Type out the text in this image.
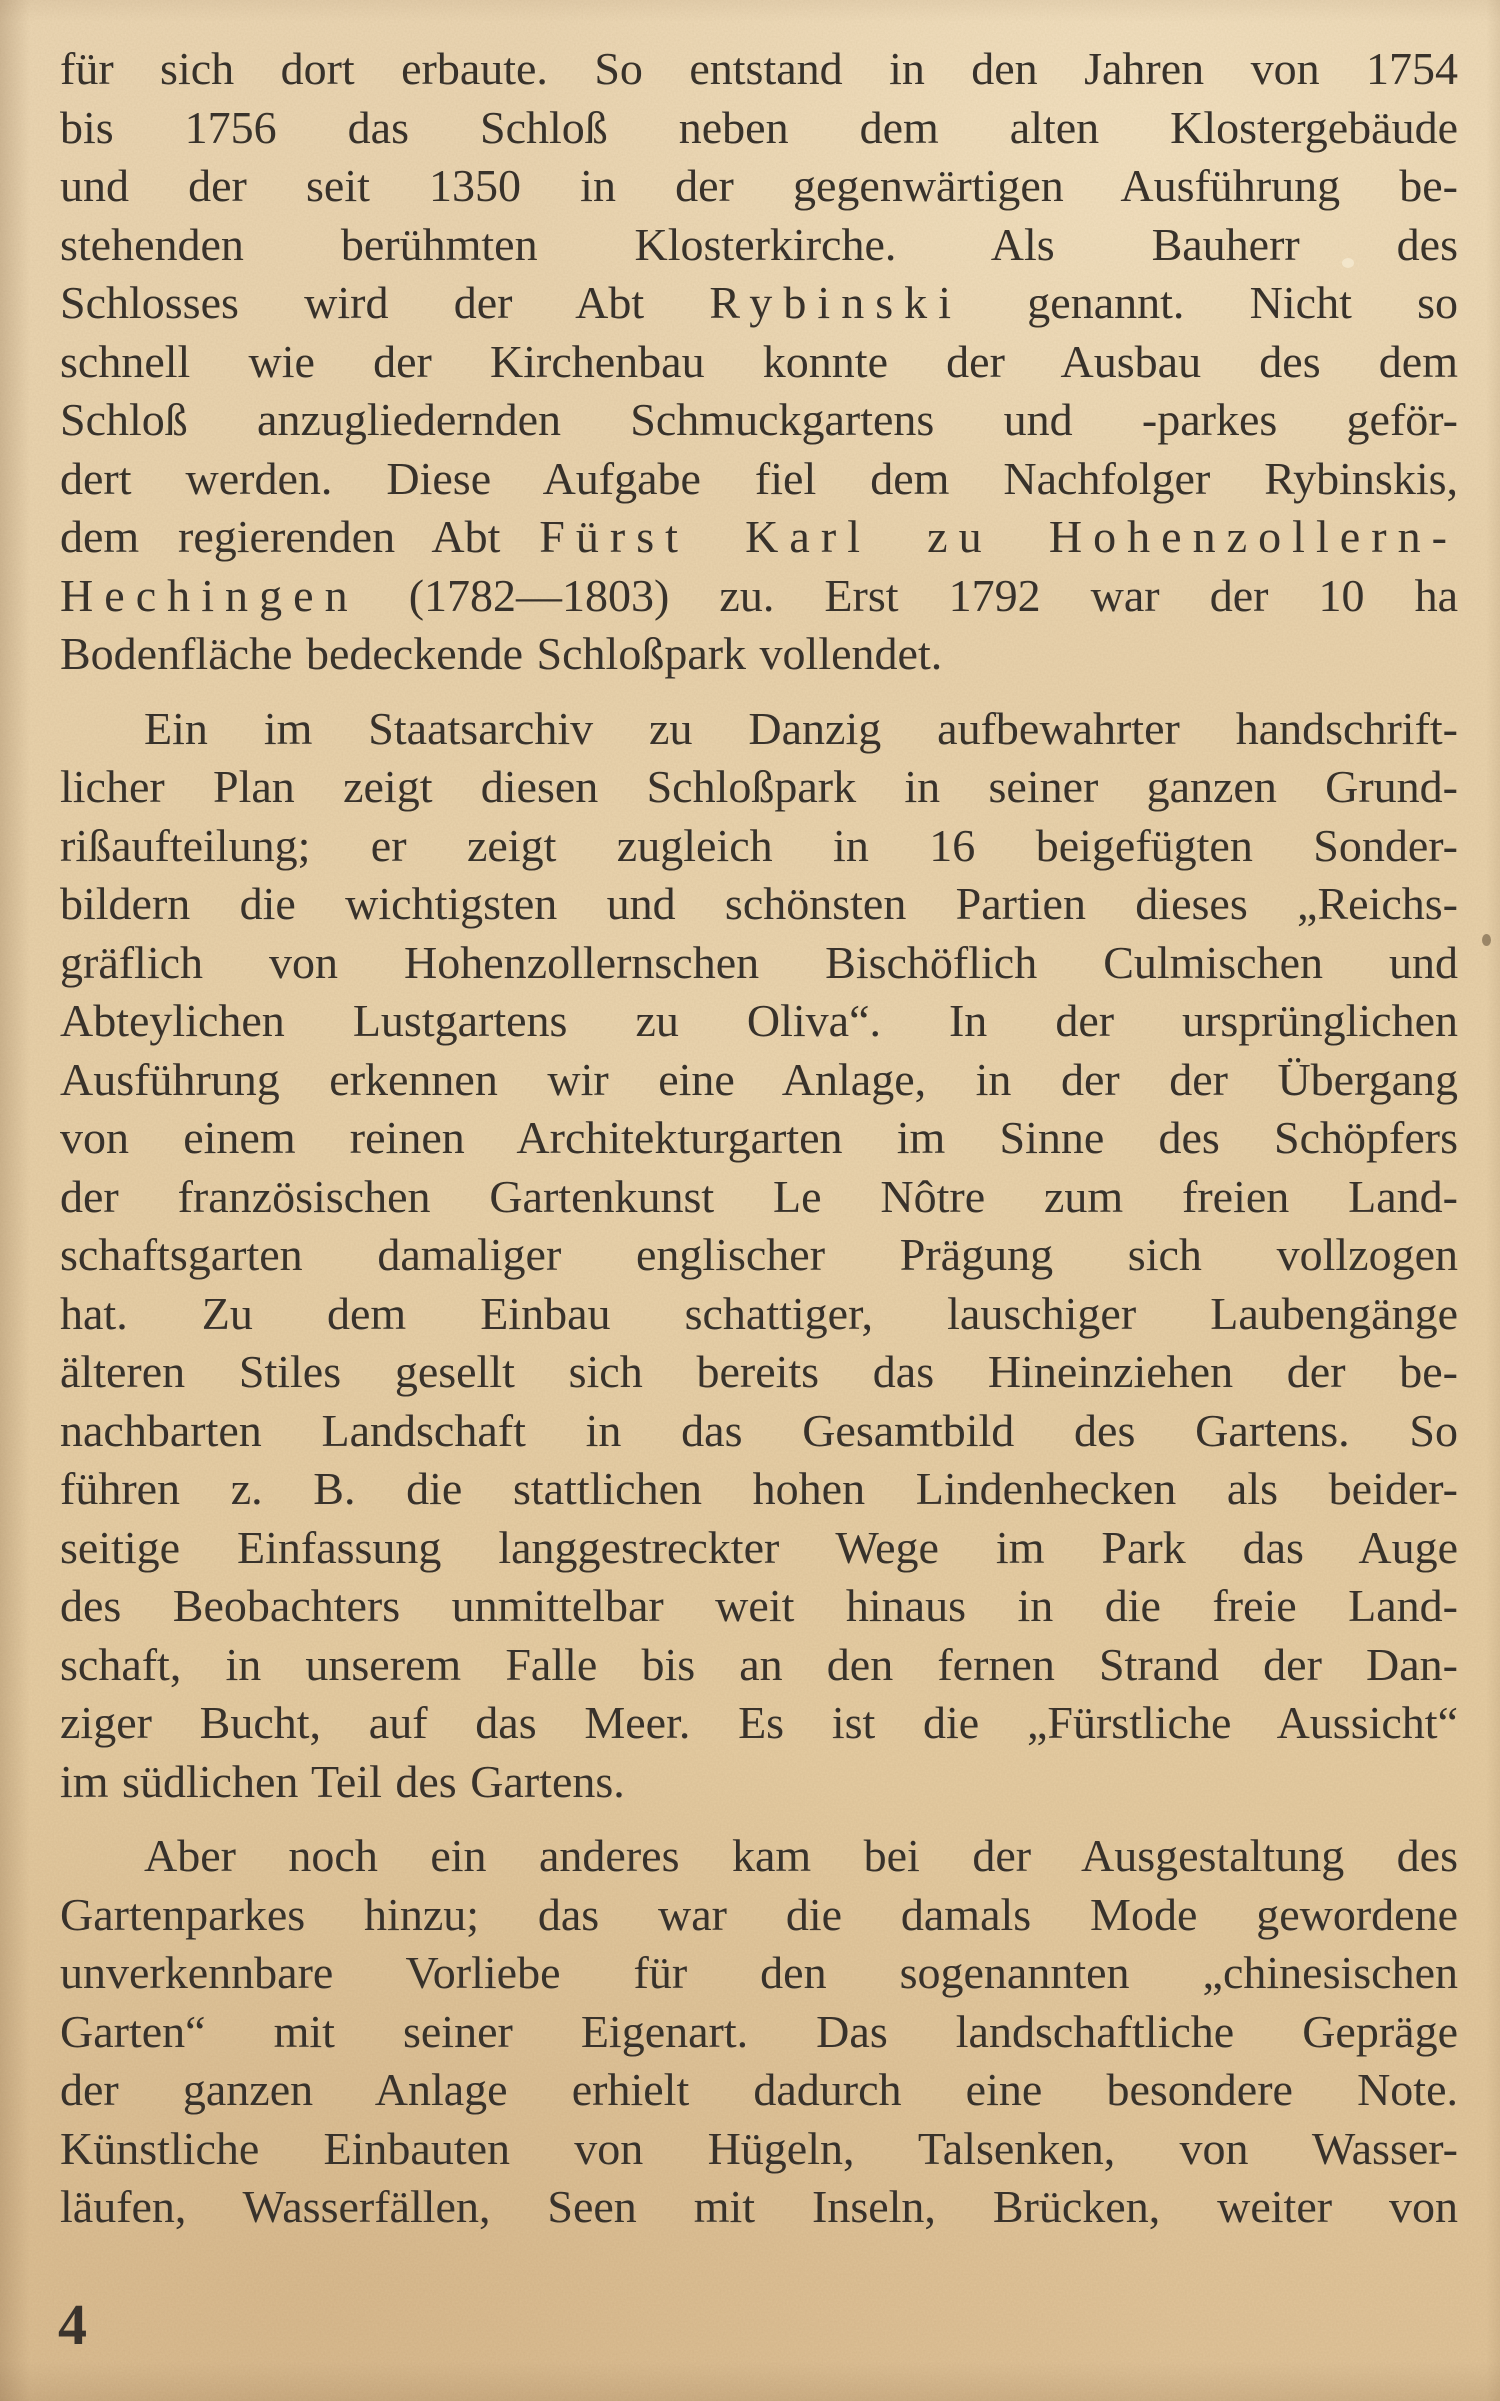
für sich dort erbaute. So entstand in den Jahren von 1754
bis 1756 das Schloß neben dem alten Klostergebäude
und der seit 1350 in der gegenwärtigen Ausführung be-
stehenden berühmten Klosterkirche. Als Bauherr des
Schlosses wird der Abt Rybinski genannt. Nicht so
schnell wie der Kirchenbau konnte der Ausbau des dem
Schloß anzugliedernden Schmuckgartens und -parkes geför-
dert werden. Diese Aufgabe fiel dem Nachfolger Rybinskis,
dem regierenden Abt Fürst Karl zu Hohenzollern-
Hechingen (1782—1803) zu. Erst 1792 war der 10 ha
Bodenfläche bedeckende Schloßpark vollendet.
Ein im Staatsarchiv zu Danzig aufbewahrter handschrift-
licher Plan zeigt diesen Schloßpark in seiner ganzen Grund-
rißaufteilung; er zeigt zugleich in 16 beigefügten Sonder-
bildern die wichtigsten und schönsten Partien dieses „Reichs-
gräflich von Hohenzollernschen Bischöflich Culmischen und
Abteylichen Lustgartens zu Oliva“. In der ursprünglichen
Ausführung erkennen wir eine Anlage, in der der Übergang
von einem reinen Architekturgarten im Sinne des Schöpfers
der französischen Gartenkunst Le Nôtre zum freien Land-
schaftsgarten damaliger englischer Prägung sich vollzogen
hat. Zu dem Einbau schattiger, lauschiger Laubengänge
älteren Stiles gesellt sich bereits das Hineinziehen der be-
nachbarten Landschaft in das Gesamtbild des Gartens. So
führen z. B. die stattlichen hohen Lindenhecken als beider-
seitige Einfassung langgestreckter Wege im Park das Auge
des Beobachters unmittelbar weit hinaus in die freie Land-
schaft, in unserem Falle bis an den fernen Strand der Dan-
ziger Bucht, auf das Meer. Es ist die „Fürstliche Aussicht“
im südlichen Teil des Gartens.
Aber noch ein anderes kam bei der Ausgestaltung des
Gartenparkes hinzu; das war die damals Mode gewordene
unverkennbare Vorliebe für den sogenannten „chinesischen
Garten“ mit seiner Eigenart. Das landschaftliche Gepräge
der ganzen Anlage erhielt dadurch eine besondere Note.
Künstliche Einbauten von Hügeln, Talsenken, von Wasser-
läufen, Wasserfällen, Seen mit Inseln, Brücken, weiter von
4
